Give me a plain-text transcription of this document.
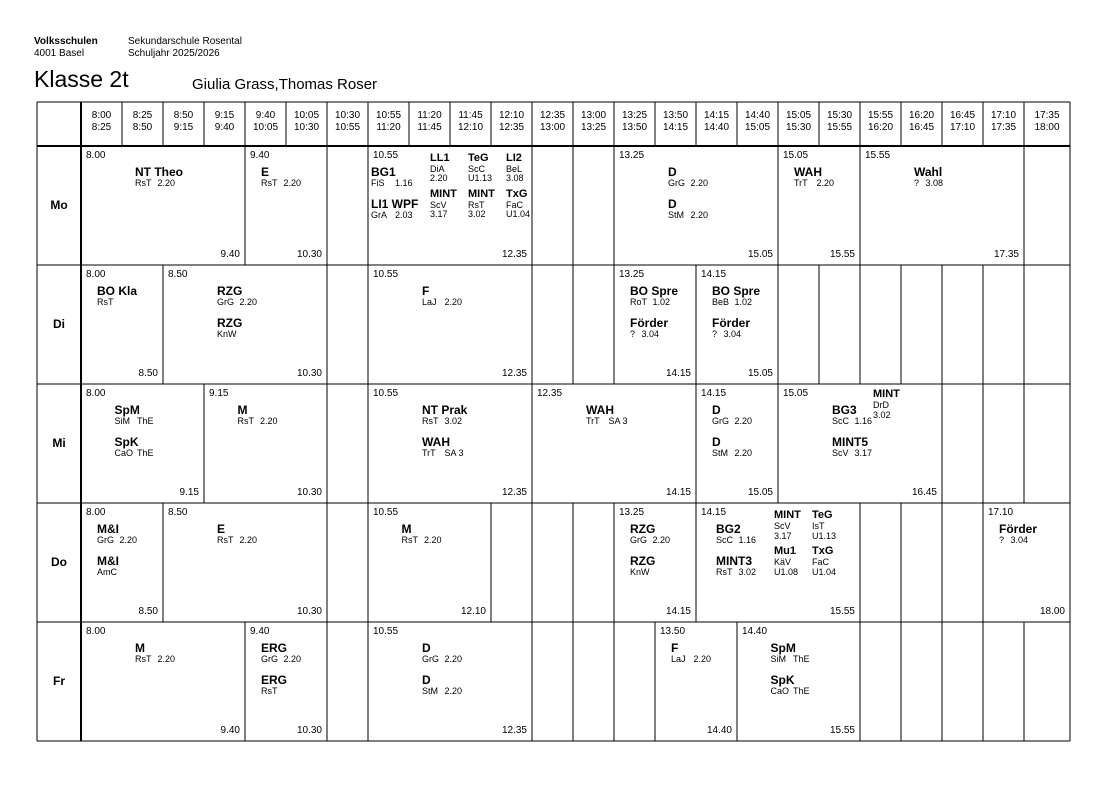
Volksschulen
4001 Basel
Sekundarschule Rosental
Schuljahr 2025/2026
Klasse 2t	Giulia Grass,Thomas Roser
8:00
8:25
8:25
8:50
8:50
9:15
9:15
9:40
9:40
10:05
10:05
10:30
10:30
10:55
10:55
11:20
11:20
11:45
11:45
12:10
12:10
12:35
12:35
13:00
13:00
13:25
13:25
13:50
13:50
14:15
14:15
14:40
14:40
15:05
15:05
15:30
15:30
15:55
15:55
16:20
16:20
16:45
16:45
17:10
17:10
17:35
17:35
18:00
Mo
8.00
9.40
NT Theo
RsT 2.20
9.40
10.30
E
RsT 2.20
10.55
12.35
BG1
FiS 1.16
LI1 WPF
GrA 2.03
LL1
DiA
2.20
MINT
ScV
3.17
TeG
ScC
U1.13
MINT
RsT
3.02
LI2
BeL
3.08
TxG
FaC
U1.04
13.25
15.05
D
GrG 2.20
D
StM 2.20
15.05
15.55
WAH
TrT 2.20
15.55
17.35
Wahl
? 3.08
Di
8.00
8.50
BO Kla
RsT
8.50
10.30
RZG
GrG 2.20
RZG
KnW
10.55
12.35
F
LaJ 2.20
13.25
14.15
BO Spre
RoT 1.02
Förder
? 3.04
14.15
15.05
BO Spre
BeB 1.02
Förder
? 3.04
Mi
8.00
9.15
SpM
SiM ThE
SpK
CaO ThE
9.15
10.30
M
RsT 2.20
10.55
12.35
NT Prak
RsT 3.02
WAH
TrT SA 3
12.35
14.15
WAH
TrT SA 3
14.15
15.05
D
GrG 2.20
D
StM 2.20
15.05
16.45
BG3
ScC 1.16
MINT5
ScV 3.17
MINT
DrD
3.02
Do
8.00
8.50
M&I
GrG 2.20
M&I
AmC
8.50
10.30
E
RsT 2.20
10.55
12.10
M
RsT 2.20
13.25
14.15
RZG
GrG 2.20
RZG
KnW
14.15
15.55
BG2
ScC 1.16
MINT3
RsT 3.02
MINT
ScV
3.17
Mu1
KäV
U1.08
TeG
IsT
U1.13
TxG
FaC
U1.04
17.10
18.00
Förder
? 3.04
Fr
8.00
9.40
M
RsT 2.20
9.40
10.30
ERG
GrG 2.20
ERG
RsT
10.55
12.35
D
GrG 2.20
D
StM 2.20
13.50
14.40
F
LaJ 2.20
14.40
15.55
SpM
SiM ThE
SpK
CaO ThE
